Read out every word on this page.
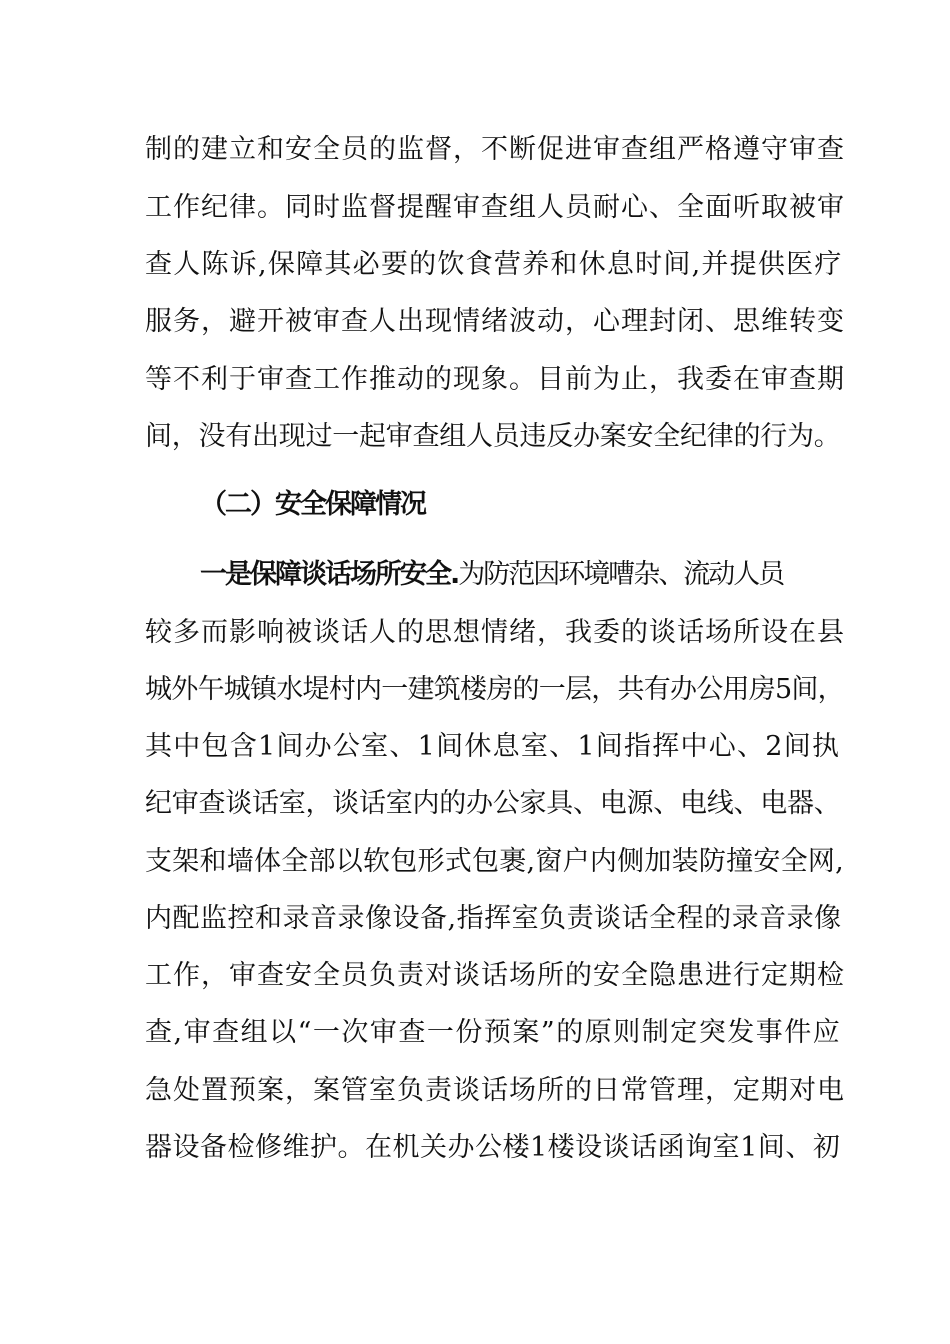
制的建立和安全员的监督，不断促进审查组严格遵守审查
工作纪律。同时监督提醒审查组人员耐心、全面听取被审
查人陈诉,保障其必要的饮食营养和休息时间,并提供医疗
服务，避开被审查人出现情绪波动，心理封闭、思维转变
等不利于审查工作推动的现象。目前为止，我委在审查期
间，没有出现过一起审查组人员违反办案安全纪律的行为。
（二）安全保障情况
一是保障谈话场所安全.为防范因环境嘈杂、流动人员
较多而影响被谈话人的思想情绪，我委的谈话场所设在县
城外午城镇水堤村内一建筑楼房的一层，共有办公用房5间，
其中包含1间办公室、1间休息室、1间指挥中心、2间执
纪审查谈话室，谈话室内的办公家具、电源、电线、电器、
支架和墙体全部以软包形式包裹,窗户内侧加装防撞安全网,
内配监控和录音录像设备,指挥室负责谈话全程的录音录像
工作，审查安全员负责对谈话场所的安全隐患进行定期检
查,审查组以“一次审查一份预案”的原则制定突发事件应
急处置预案，案管室负责谈话场所的日常管理，定期对电
器设备检修维护。在机关办公楼1楼设谈话函询室1间、初
